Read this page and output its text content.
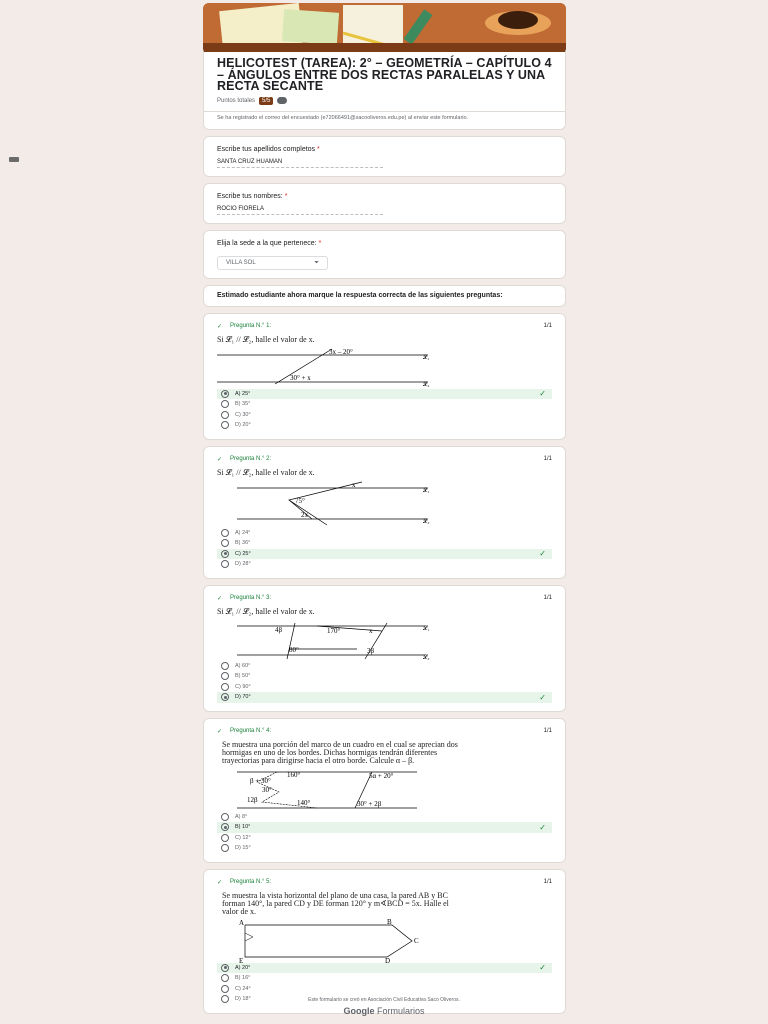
HELICOTEST (TAREA): 2° – GEOMETRÍA – CAPÍTULO 4 – ÁNGULOS ENTRE DOS RECTAS PARALELAS Y UNA RECTA SECANTE
Puntos totales	5/5
Se ha registrado el correo del encuestado (e72066491@sacooliveros.edu.pe) al enviar este formulario.
Escribe tus apellidos completos *
SANTA CRUZ HUAMAN
Escribe tus nombres: *
ROCIO FIORELA
Elija la sede a la que pertenece: *
VILLA SOL	⏷
Estimado estudiante ahora marque la respuesta correcta de las siguientes preguntas:
✓ Pregunta N.° 1:	1/1
Si 𝓛₁ // 𝓛₂, halle el valor de x.
3x – 20°
30° + x
𝓛₁
𝓛₂
A) 25°	✓
B) 35°
C) 30°
D) 20°
✓ Pregunta N.° 2:	1/1
Si 𝓛₁ // 𝓛₂, halle el valor de x.
x
75°
2x
𝓛₁
𝓛₂
A) 24°
B) 36°
C) 25°	✓
D) 28°
✓ Pregunta N.° 3:	1/1
Si 𝓛₁ // 𝓛₂, halle el valor de x.
4β	170°	x
80°	3β
𝓛₁
𝓛₂
A) 60°
B) 50°
C) 90°
D) 70°	✓
✓ Pregunta N.° 4:	1/1
Se muestra una porción del marco de un cuadro en el cual se aprecian dos hormigas en uno de los bordes. Dichas hormigas tendrán diferentes trayectorias para dirigirse hacia el otro borde. Calcule α – β.
160°	5α + 20°
β + 30°
30°
12β	140°	30° + 2β
A) 8°
B) 10°	✓
C) 12°
D) 15°
✓ Pregunta N.° 5:	1/1
Se muestra la vista horizontal del plano de una casa, la pared AB y BC forman 140°, la pared CD y DE forman 120° y m∢BCD = 5x. Halle el valor de x.
A	B
C
D
E
A) 20°	✓
B) 16°
C) 24°
D) 18°	Este formulario se creó en Asociación Civil Educativa Saco Oliveros.
Google Formularios
